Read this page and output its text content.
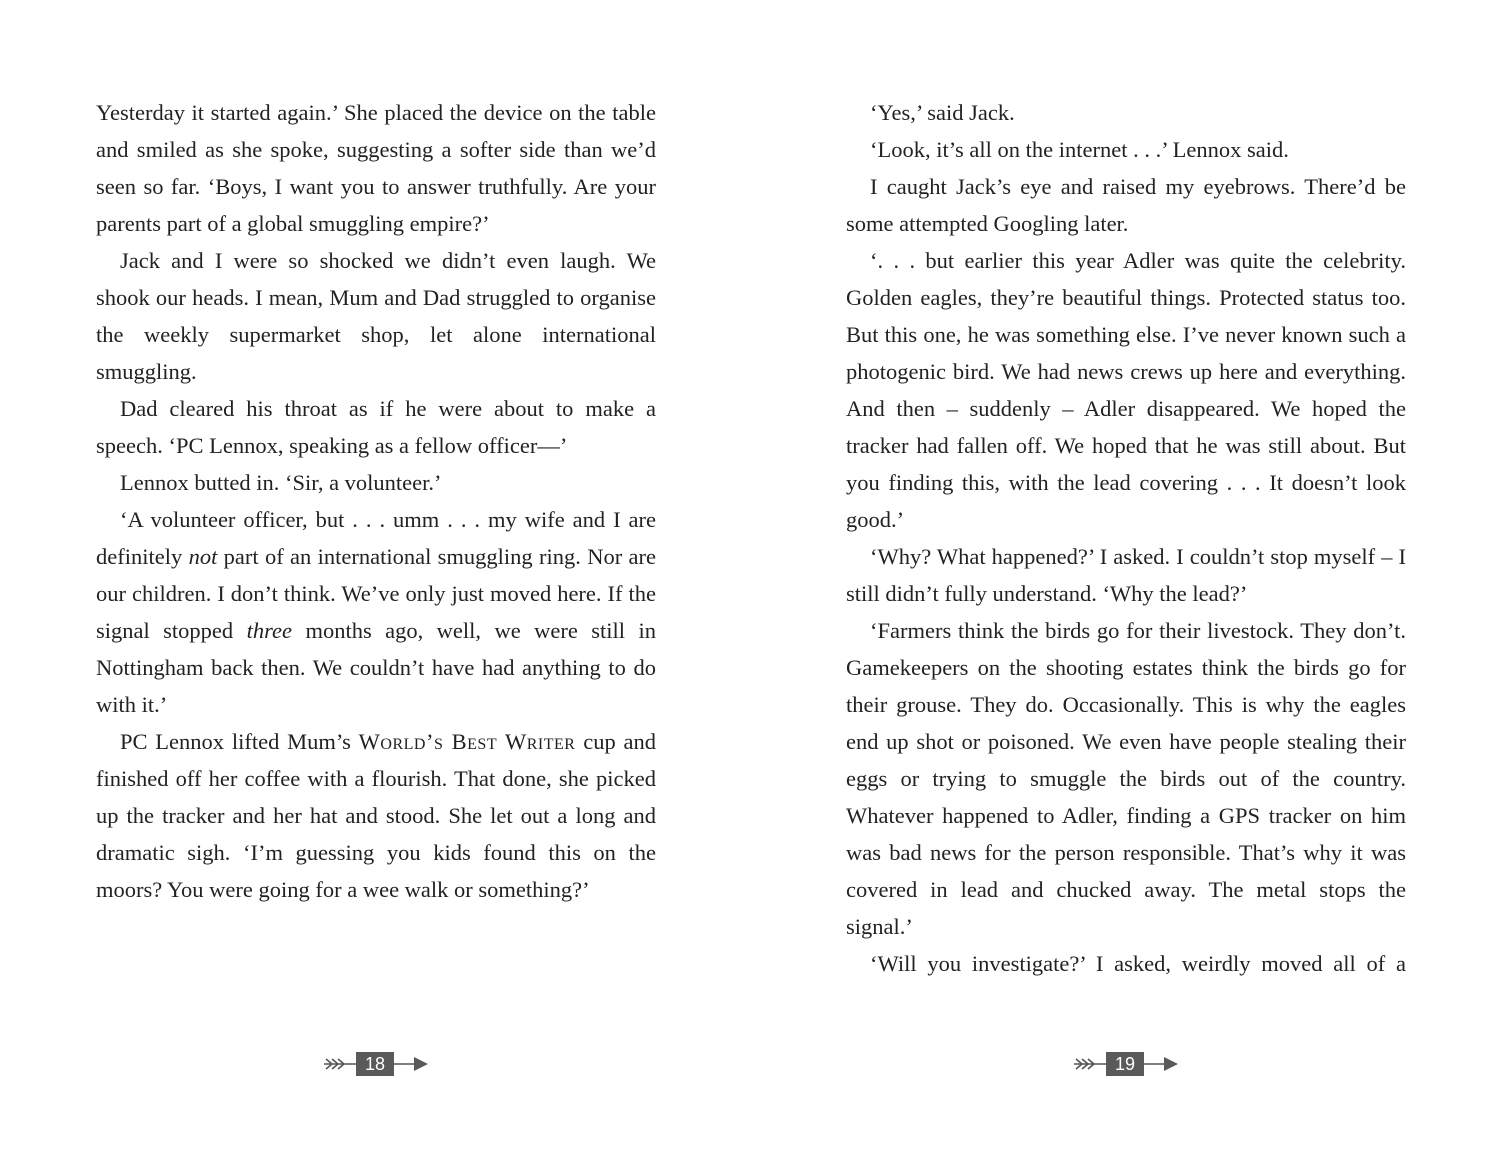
Yesterday it started again.’ She placed the device on the table and smiled as she spoke, suggesting a softer side than we’d seen so far. ‘Boys, I want you to answer truthfully. Are your parents part of a global smuggling empire?’

Jack and I were so shocked we didn’t even laugh. We shook our heads. I mean, Mum and Dad struggled to organise the weekly supermarket shop, let alone international smuggling.

Dad cleared his throat as if he were about to make a speech. ‘PC Lennox, speaking as a fellow officer—’

Lennox butted in. ‘Sir, a volunteer.’

‘A volunteer officer, but . . . umm . . . my wife and I are definitely not part of an international smuggling ring. Nor are our children. I don’t think. We’ve only just moved here. If the signal stopped three months ago, well, we were still in Nottingham back then. We couldn’t have had anything to do with it.’

PC Lennox lifted Mum’s World’s Best Writer cup and finished off her coffee with a flourish. That done, she picked up the tracker and her hat and stood. She let out a long and dramatic sigh. ‘I’m guessing you kids found this on the moors? You were going for a wee walk or something?’

‘Yes,’ said Jack.

‘Look, it’s all on the internet . . .’ Lennox said.

I caught Jack’s eye and raised my eyebrows. There’d be some attempted Googling later.

‘. . . but earlier this year Adler was quite the celebrity. Golden eagles, they’re beautiful things. Protected status too. But this one, he was something else. I’ve never known such a photogenic bird. We had news crews up here and everything. And then – suddenly – Adler disappeared. We hoped the tracker had fallen off. We hoped that he was still about. But you finding this, with the lead covering . . . It doesn’t look good.’

‘Why? What happened?’ I asked. I couldn’t stop myself – I still didn’t fully understand. ‘Why the lead?’

‘Farmers think the birds go for their livestock. They don’t. Gamekeepers on the shooting estates think the birds go for their grouse. They do. Occasionally. This is why the eagles end up shot or poisoned. We even have people stealing their eggs or trying to smuggle the birds out of the country. Whatever happened to Adler, finding a GPS tracker on him was bad news for the person responsible. That’s why it was covered in lead and chucked away. The metal stops the signal.’

‘Will you investigate?’ I asked, weirdly moved all of a

18	19
